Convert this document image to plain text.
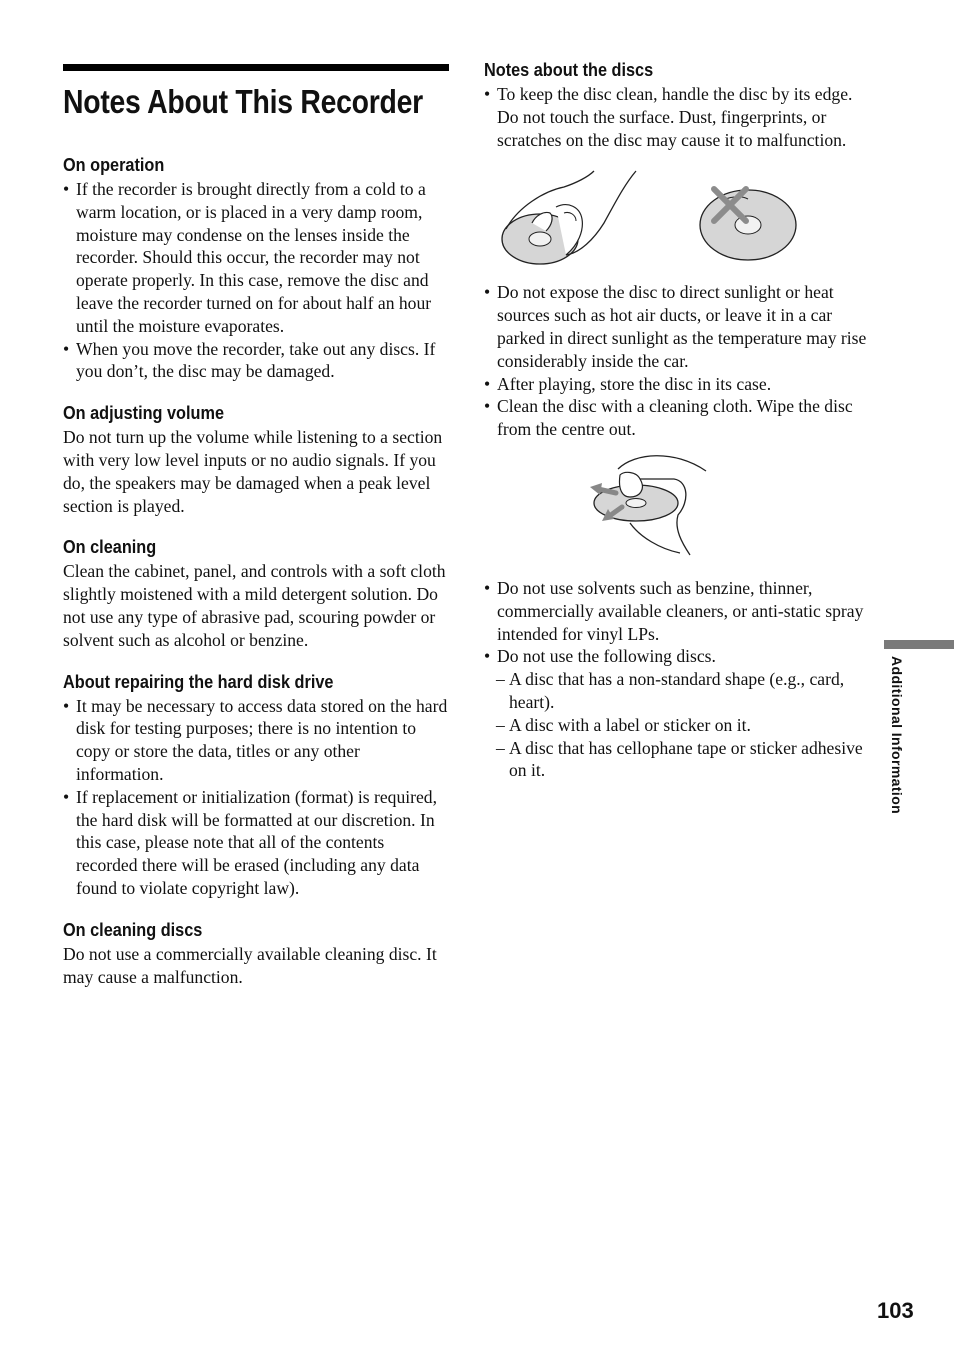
Notes About This Recorder
On operation
• If the recorder is brought directly from a cold to a warm location, or is placed in a very damp room, moisture may condense on the lenses inside the recorder. Should this occur, the recorder may not operate properly. In this case, remove the disc and leave the recorder turned on for about half an hour until the moisture evaporates.
• When you move the recorder, take out any discs. If you don’t, the disc may be damaged.
On adjusting volume

Do not turn up the volume while listening to a section with very low level inputs or no audio signals. If you do, the speakers may be damaged when a peak level section is played.

On cleaning

Clean the cabinet, panel, and controls with a soft cloth slightly moistened with a mild detergent solution. Do not use any type of abrasive pad, scouring powder or solvent such as alcohol or benzine.

About repairing the hard disk drive
• It may be necessary to access data stored on the hard disk for testing purposes; there is no intention to copy or store the data, titles or any other information.
• If replacement or initialization (format) is required, the hard disk will be formatted at our discretion. In this case, please note that all of the contents recorded there will be erased (including any data found to violate copyright law).
On cleaning discs

Do not use a commercially available cleaning disc. It may cause a malfunction.

Notes about the discs
• To keep the disc clean, handle the disc by its edge. Do not touch the surface. Dust, fingerprints, or scratches on the disc may cause it to malfunction.
• Do not expose the disc to direct sunlight or heat sources such as hot air ducts, or leave it in a car parked in direct sunlight as the temperature may rise considerably inside the car.
• After playing, store the disc in its case.
• Clean the disc with a cleaning cloth. Wipe the disc from the centre out.
• Do not use solvents such as benzine, thinner, commercially available cleaners, or anti-static spray intended for vinyl LPs.
• Do not use the following discs.
– A disc that has a non-standard shape (e.g., card, heart).
– A disc with a label or sticker on it.
– A disc that has cellophane tape or sticker adhesive on it.	Additional Information
103
